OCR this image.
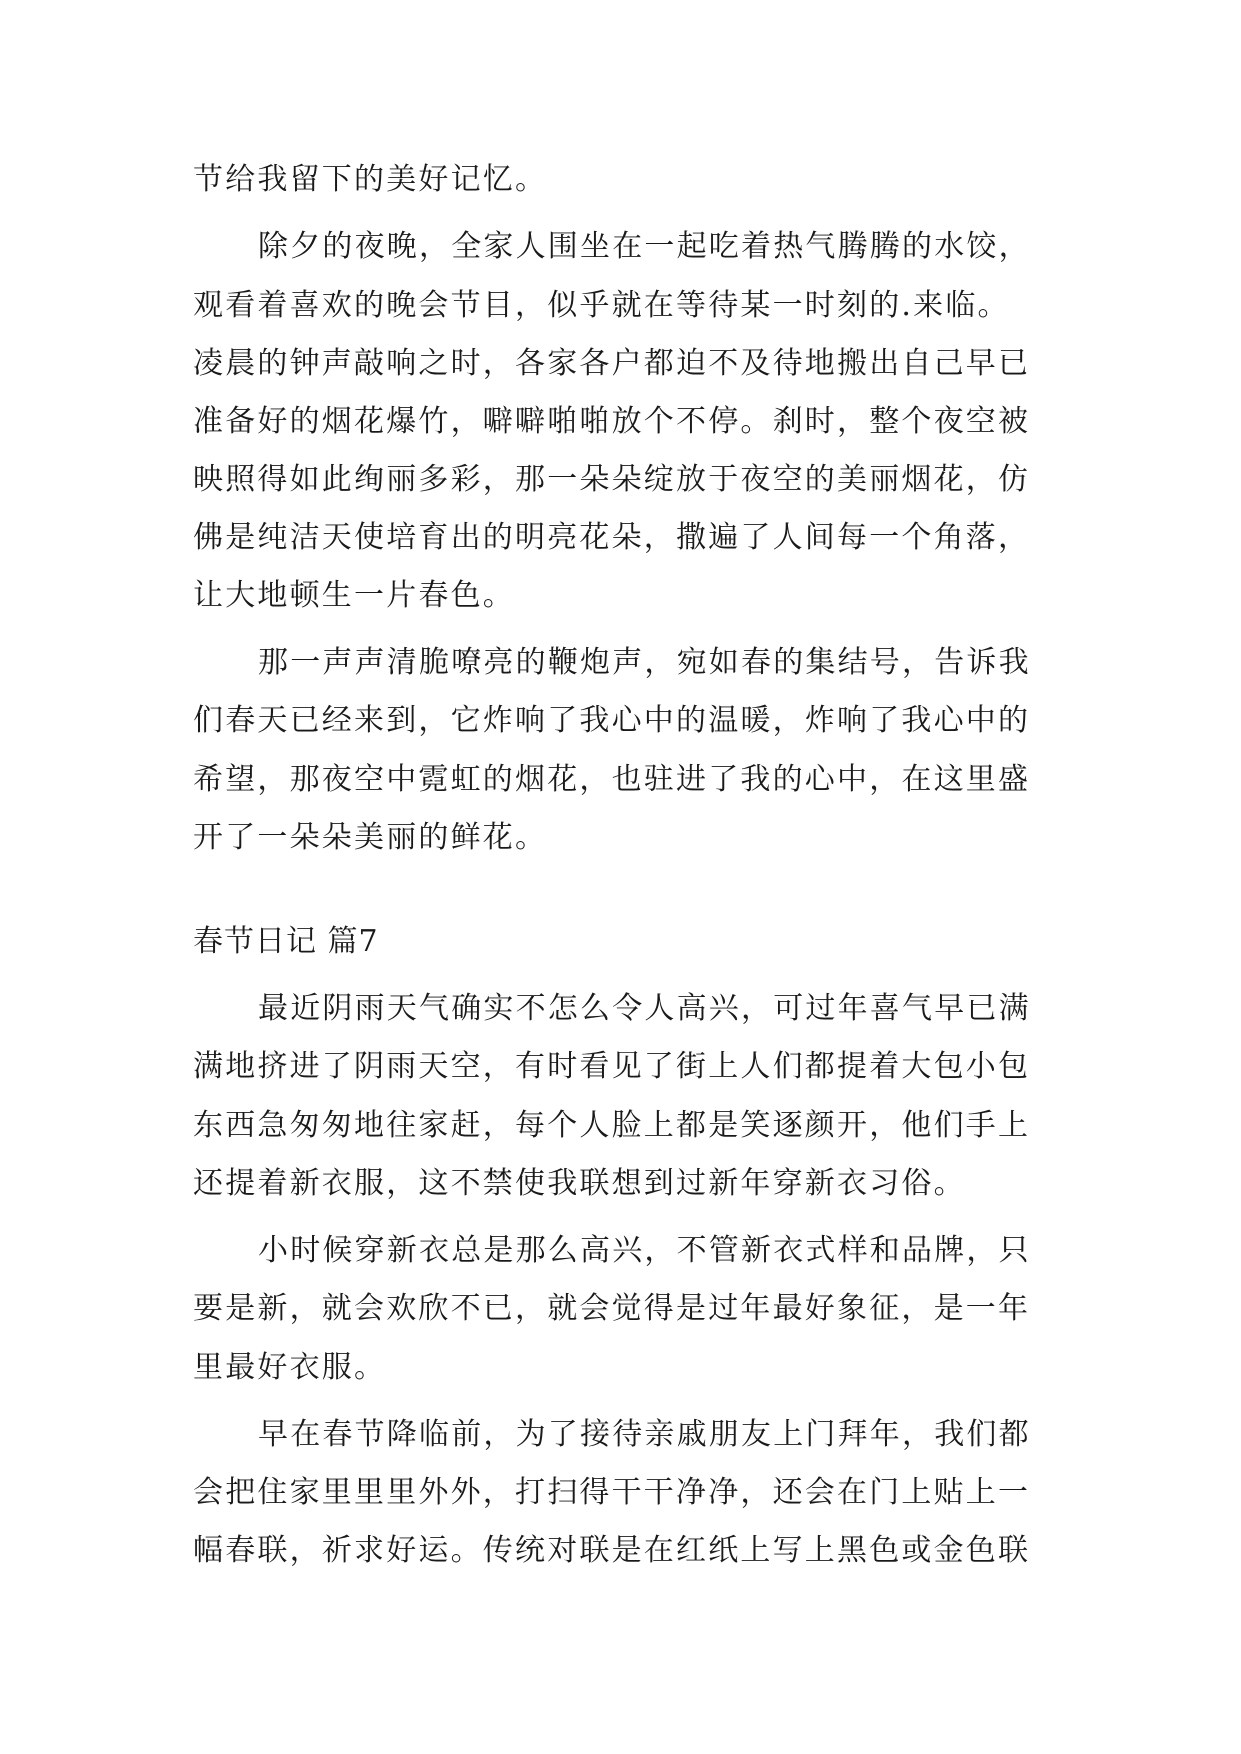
节给我留下的美好记忆。
除夕的夜晚，全家人围坐在一起吃着热气腾腾的水饺，
观看着喜欢的晚会节目，似乎就在等待某一时刻的.来临。
凌晨的钟声敲响之时，各家各户都迫不及待地搬出自己早已
准备好的烟花爆竹，噼噼啪啪放个不停。刹时，整个夜空被
映照得如此绚丽多彩，那一朵朵绽放于夜空的美丽烟花，仿
佛是纯洁天使培育出的明亮花朵，撒遍了人间每一个角落，
让大地顿生一片春色。
那一声声清脆嘹亮的鞭炮声，宛如春的集结号，告诉我
们春天已经来到，它炸响了我心中的温暖，炸响了我心中的
希望，那夜空中霓虹的烟花，也驻进了我的心中，在这里盛
开了一朵朵美丽的鲜花。
春节日记 篇7
最近阴雨天气确实不怎么令人高兴，可过年喜气早已满
满地挤进了阴雨天空，有时看见了街上人们都提着大包小包
东西急匆匆地往家赶，每个人脸上都是笑逐颜开，他们手上
还提着新衣服，这不禁使我联想到过新年穿新衣习俗。
小时候穿新衣总是那么高兴，不管新衣式样和品牌，只
要是新，就会欢欣不已，就会觉得是过年最好象征，是一年
里最好衣服。
早在春节降临前，为了接待亲戚朋友上门拜年，我们都
会把住家里里里外外，打扫得干干净净，还会在门上贴上一
幅春联，祈求好运。传统对联是在红纸上写上黑色或金色联
